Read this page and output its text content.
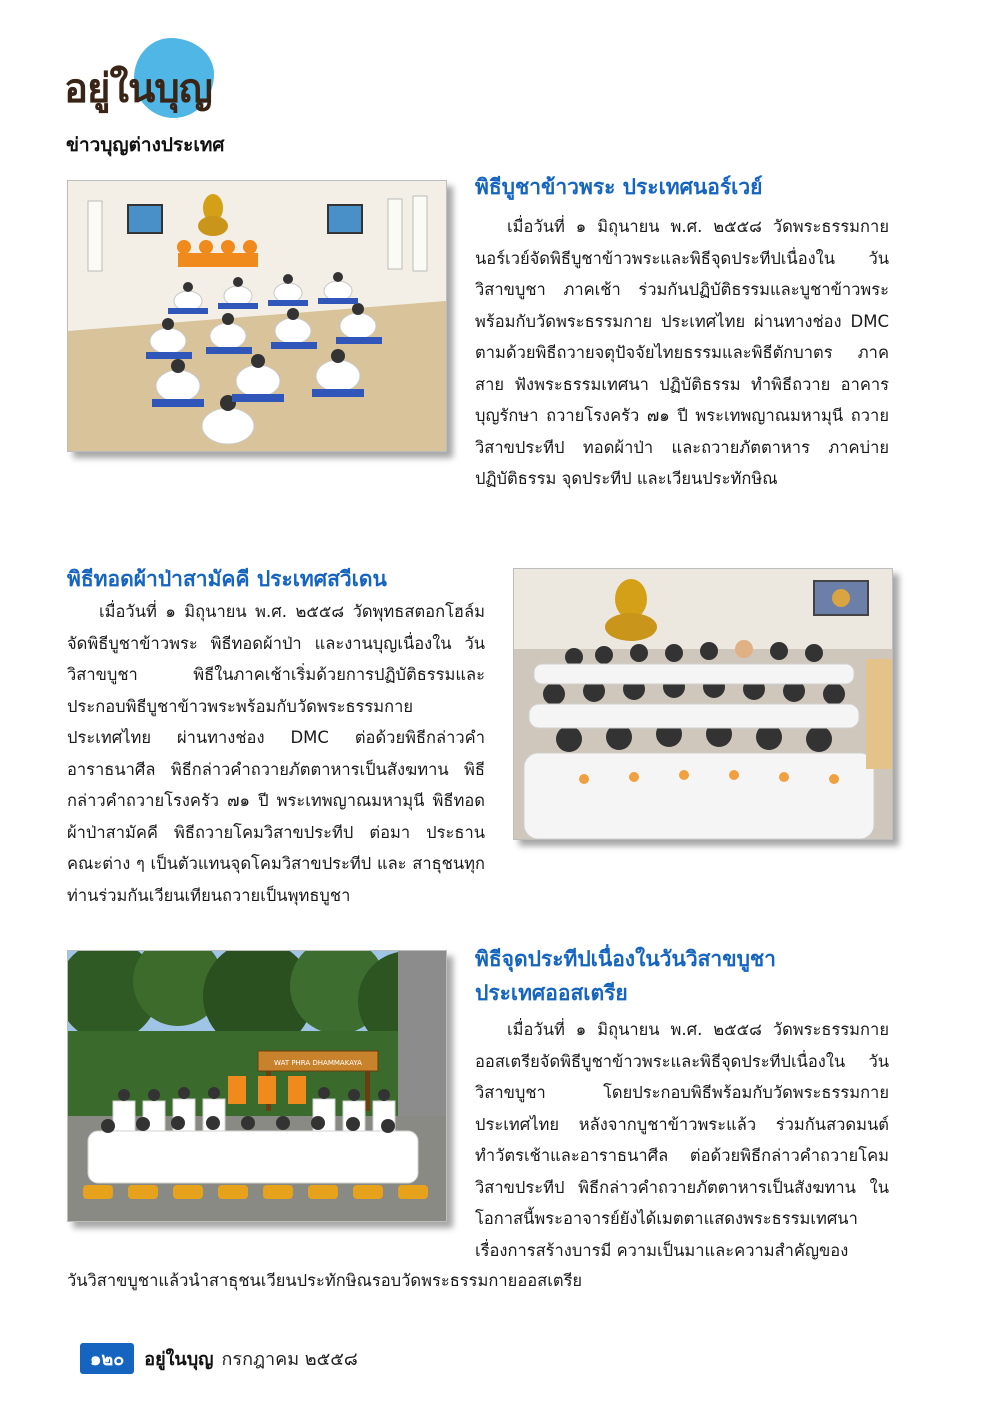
อยู่ในบุญ
ข่าวบุญต่างประเทศ
พิธีบูชาข้าวพระ ประเทศนอร์เวย์

เมื่อวันที่ ๑ มิถุนายน พ.ศ. ๒๕๕๘ วัดพระธรรมกาย นอร์เวย์จัดพิธีบูชาข้าวพระและพิธีจุดประทีปเนื่องใน วันวิสาขบูชา ภาคเช้า ร่วมกันปฏิบัติธรรมและบูชาข้าวพระ พร้อมกับวัดพระธรรมกาย ประเทศไทย ผ่านทางช่อง DMC ตามด้วยพิธีถวายจตุปัจจัยไทยธรรมและพิธีตักบาตร ภาคสาย ฟังพระธรรมเทศนา ปฏิบัติธรรม ทำพิธีถวาย อาคารบุญรักษา ถวายโรงครัว ๗๑ ปี พระเทพญาณมหามุนี ถวายวิสาขประทีป ทอดผ้าป่า และถวายภัตตาหาร ภาคบ่าย ปฏิบัติธรรม จุดประทีป และเวียนประทักษิณ

พิธีทอดผ้าป่าสามัคคี ประเทศสวีเดน

เมื่อวันที่ ๑ มิถุนายน พ.ศ. ๒๕๕๘ วัดพุทธสตอกโฮล์ม จัดพิธีบูชาข้าวพระ พิธีทอดผ้าป่า และงานบุญเนื่องใน วันวิสาขบูชา พิธีในภาคเช้าเริ่มด้วยการปฏิบัติธรรมและ ประกอบพิธีบูชาข้าวพระพร้อมกับวัดพระธรรมกาย ประเทศไทย ผ่านทางช่อง DMC ต่อด้วยพิธีกล่าวคำ อาราธนาศีล พิธีกล่าวคำถวายภัตตาหารเป็นสังฆทาน พิธีกล่าวคำถวายโรงครัว ๗๑ ปี พระเทพญาณมหามุนี พิธีทอดผ้าป่าสามัคคี พิธีถวายโคมวิสาขประทีป ต่อมา ประธานคณะต่าง ๆ เป็นตัวแทนจุดโคมวิสาขประทีป และ สาธุชนทุกท่านร่วมกันเวียนเทียนถวายเป็นพุทธบูชา

WAT PHRA DHAMMAKAYA
พิธีจุดประทีปเนื่องในวันวิสาขบูชา
ประเทศออสเตรีย

เมื่อวันที่ ๑ มิถุนายน พ.ศ. ๒๕๕๘ วัดพระธรรมกาย ออสเตรียจัดพิธีบูชาข้าวพระและพิธีจุดประทีปเนื่องใน วันวิสาขบูชา โดยประกอบพิธีพร้อมกับวัดพระธรรมกาย ประเทศไทย หลังจากบูชาข้าวพระแล้ว ร่วมกันสวดมนต์ ทำวัตรเช้าและอาราธนาศีล ต่อด้วยพิธีกล่าวคำถวายโคม วิสาขประทีป พิธีกล่าวคำถวายภัตตาหารเป็นสังฆทาน ในโอกาสนี้พระอาจารย์ยังได้เมตตาแสดงพระธรรมเทศนา เรื่องการสร้างบารมี ความเป็นมาและความสำคัญของ

วันวิสาขบูชาแล้วนำสาธุชนเวียนประทักษิณรอบวัดพระธรรมกายออสเตรีย

๑๒๐	อยู่ในบุญ กรกฎาคม ๒๕๕๘
